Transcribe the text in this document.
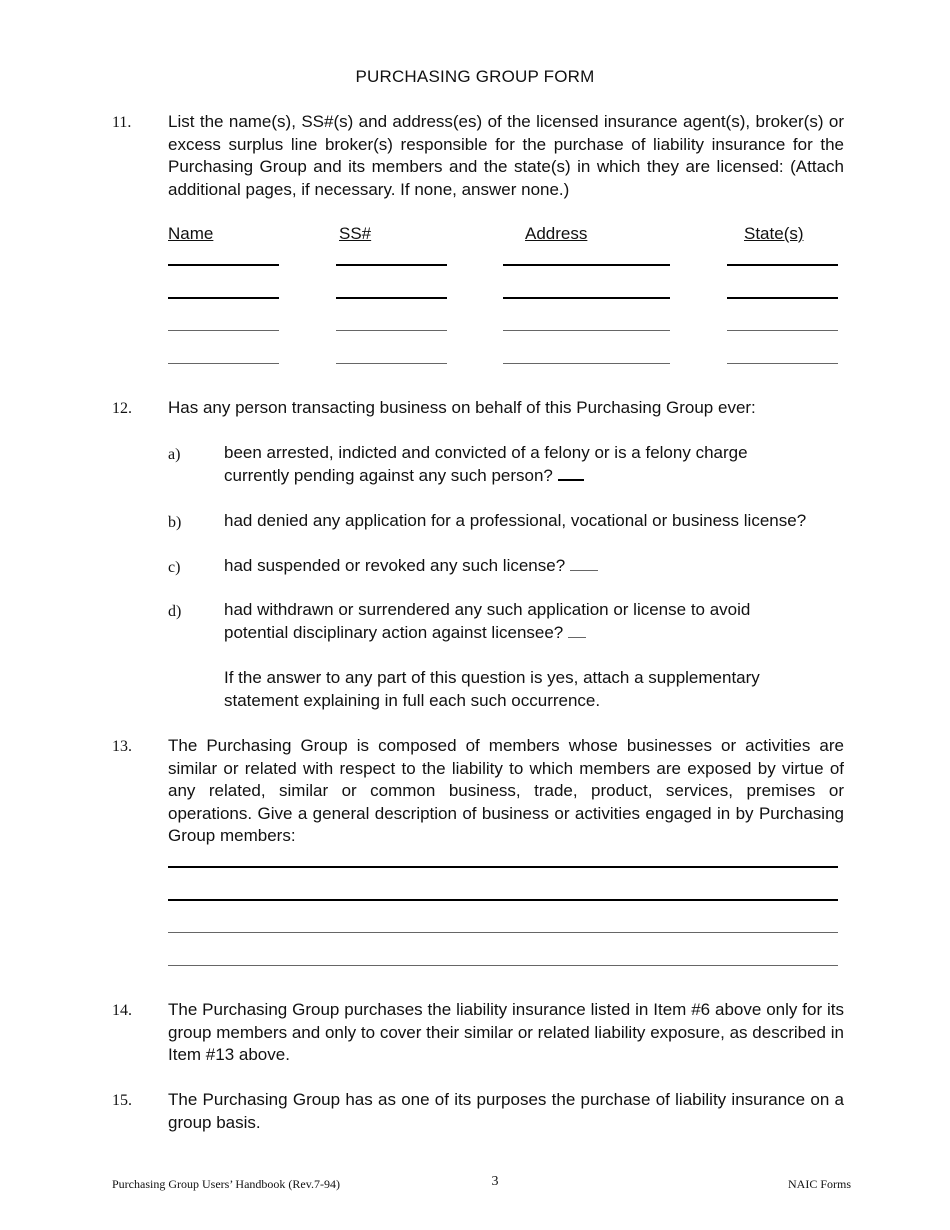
PURCHASING GROUP FORM
11. List the name(s), SS#(s) and address(es) of the licensed insurance agent(s), broker(s) or excess surplus line broker(s) responsible for the purchase of liability insurance for the Purchasing Group and its members and the state(s) in which they are licensed: (Attach additional pages, if necessary. If none, answer none.)
Name	SS#	Address	State(s)
12. Has any person transacting business on behalf of this Purchasing Group ever:
a)	been arrested, indicted and convicted of a felony or is a felony charge currently pending against any such person?
b)	had denied any application for a professional, vocational or business license?
c)	had suspended or revoked any such license?
d)	had withdrawn or surrendered any such application or license to avoid potential disciplinary action against licensee?
If the answer to any part of this question is yes, attach a supplementary statement explaining in full each such occurrence.
13. The Purchasing Group is composed of members whose businesses or activities are similar or related with respect to the liability to which members are exposed by virtue of any related, similar or common business, trade, product, services, premises or operations. Give a general description of business or activities engaged in by Purchasing Group members:
14. The Purchasing Group purchases the liability insurance listed in Item #6 above only for its group members and only to cover their similar or related liability exposure, as described in Item #13 above.
15. The Purchasing Group has as one of its purposes the purchase of liability insurance on a group basis.
Purchasing Group Users’ Handbook (Rev.7-94)	3	NAIC Forms
